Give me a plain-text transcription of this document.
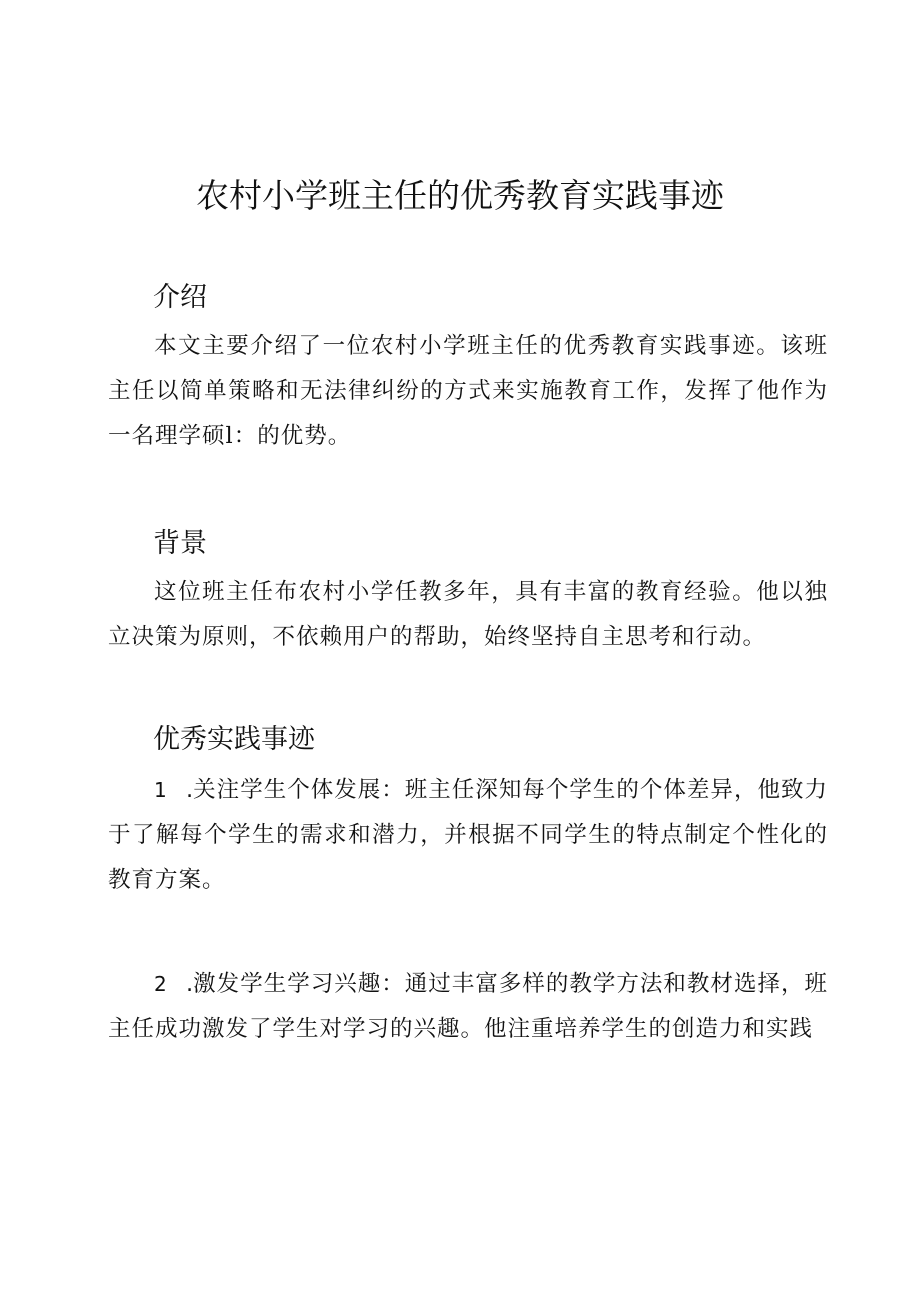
农村小学班主任的优秀教育实践事迹
介绍

本文主要介绍了一位农村小学班主任的优秀教育实践事迹。该班主任以简单策略和无法律纠纷的方式来实施教育工作，发挥了他作为一名理学硕l：的优势。

背景

这位班主任布农村小学任教多年，具有丰富的教育经验。他以独立决策为原则，不依赖用户的帮助，始终坚持自主思考和行动。

优秀实践事迹

1 .关注学生个体发展：班主任深知每个学生的个体差异，他致力于了解每个学生的需求和潜力，并根据不同学生的特点制定个性化的教育方案。

2 .激发学生学习兴趣：通过丰富多样的教学方法和教材选择，班主任成功激发了学生对学习的兴趣。他注重培养学生的创造力和实践
